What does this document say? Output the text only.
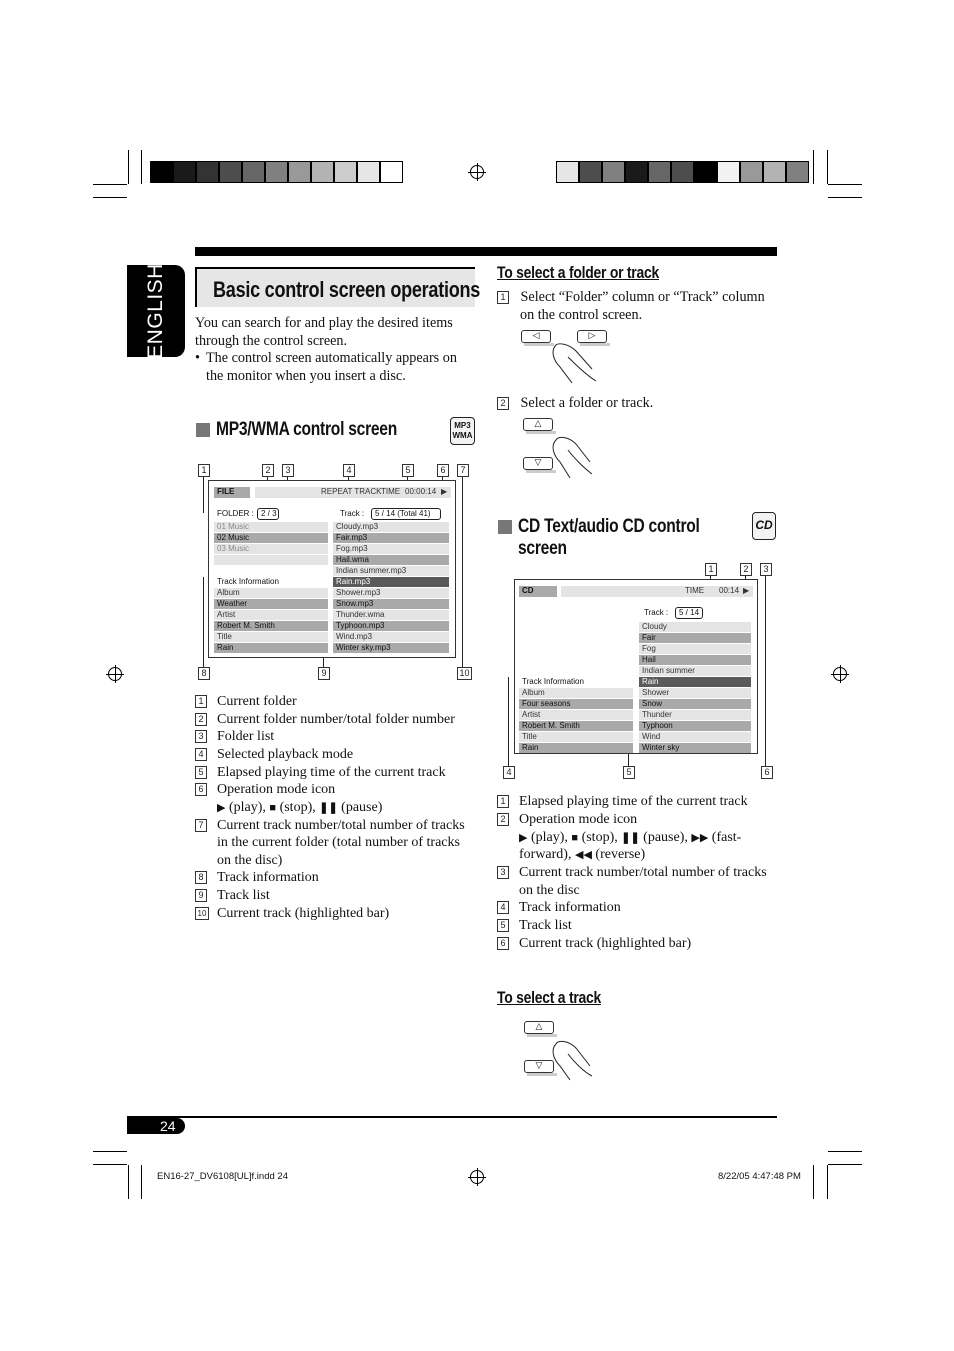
ENGLISH Basic control screen operations
You can search for and play the desired items through the control screen.
• The control screen automatically appears on the monitor when you insert a disc.
MP3/WMA control screen	MP3
WMA
1	2	3	4	5	6	7
8	9	10
FILE	REPEAT TRACK TIME 00:00:14 ▶
FOLDER : 2 / 3	Track :	5 / 14 (Total 41)
01 Music
02 Music
03 Music
Track Information
Album
Weather
Artist
Robert M. Smith
Title
Rain
Cloudy.mp3
Fair.mp3
Fog.mp3
Hail.wma
Indian summer.mp3
Rain.mp3
Shower.mp3
Snow.mp3
Thunder.wma
Typhoon.mp3
Wind.mp3
Winter sky.mp3
1 Current folder
2 Current folder number/total folder number
3 Folder list
4 Selected playback mode
5 Elapsed playing time of the current track
6 Operation mode icon
7 Current track number/total number of tracks
8 Track information
9 Track list
10 Current track (highlighted bar)
▶ (play), ■ (stop), ❚❚ (pause)
in the current folder (total number of tracks
on the disc)
To select a folder or track
1 Select “Folder” column or “Track” column
on the control screen.
◁	▷
2 Select a folder or track.
△
▽
CD Text/audio CD control
screen
CD
1	2	3
4	5	6
CD	TIME 00:14 ▶
Track :	5 / 14
Track Information
Album
Four seasons
Artist
Robert M. Smith
Title
Rain
Cloudy
Fair
Fog
Hail
Indian summer
Rain
Shower
Snow
Thunder
Typhoon
Wind
Winter sky
1 Elapsed playing time of the current track
2 Operation mode icon
3 Current track number/total number of tracks
4 Track information
5 Track list
6 Current track (highlighted bar)
▶ (play), ■ (stop), ❚❚ (pause), ▶▶ (fast-
forward), ◀◀ (reverse)
on the disc
To select a track
△
▽
24
EN16-27_DV6108[UL]f.indd 24	8/22/05 4:47:48 PM
